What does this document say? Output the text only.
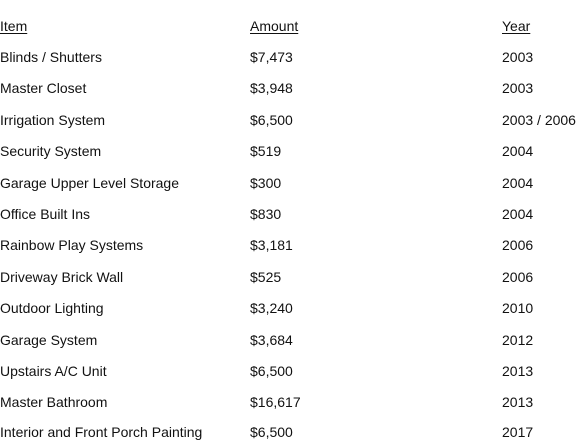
Item	Amount	Year
Blinds / Shutters	$7,473	2003
Master Closet	$3,948	2003
Irrigation System	$6,500	2003 / 2006
Security System	$519	2004
Garage Upper Level Storage	$300	2004
Office Built Ins	$830	2004
Rainbow Play Systems	$3,181	2006
Driveway Brick Wall	$525	2006
Outdoor Lighting	$3,240	2010
Garage System	$3,684	2012
Upstairs A/C Unit	$6,500	2013
Master Bathroom	$16,617	2013
Interior and Front Porch Painting	$6,500	2017
